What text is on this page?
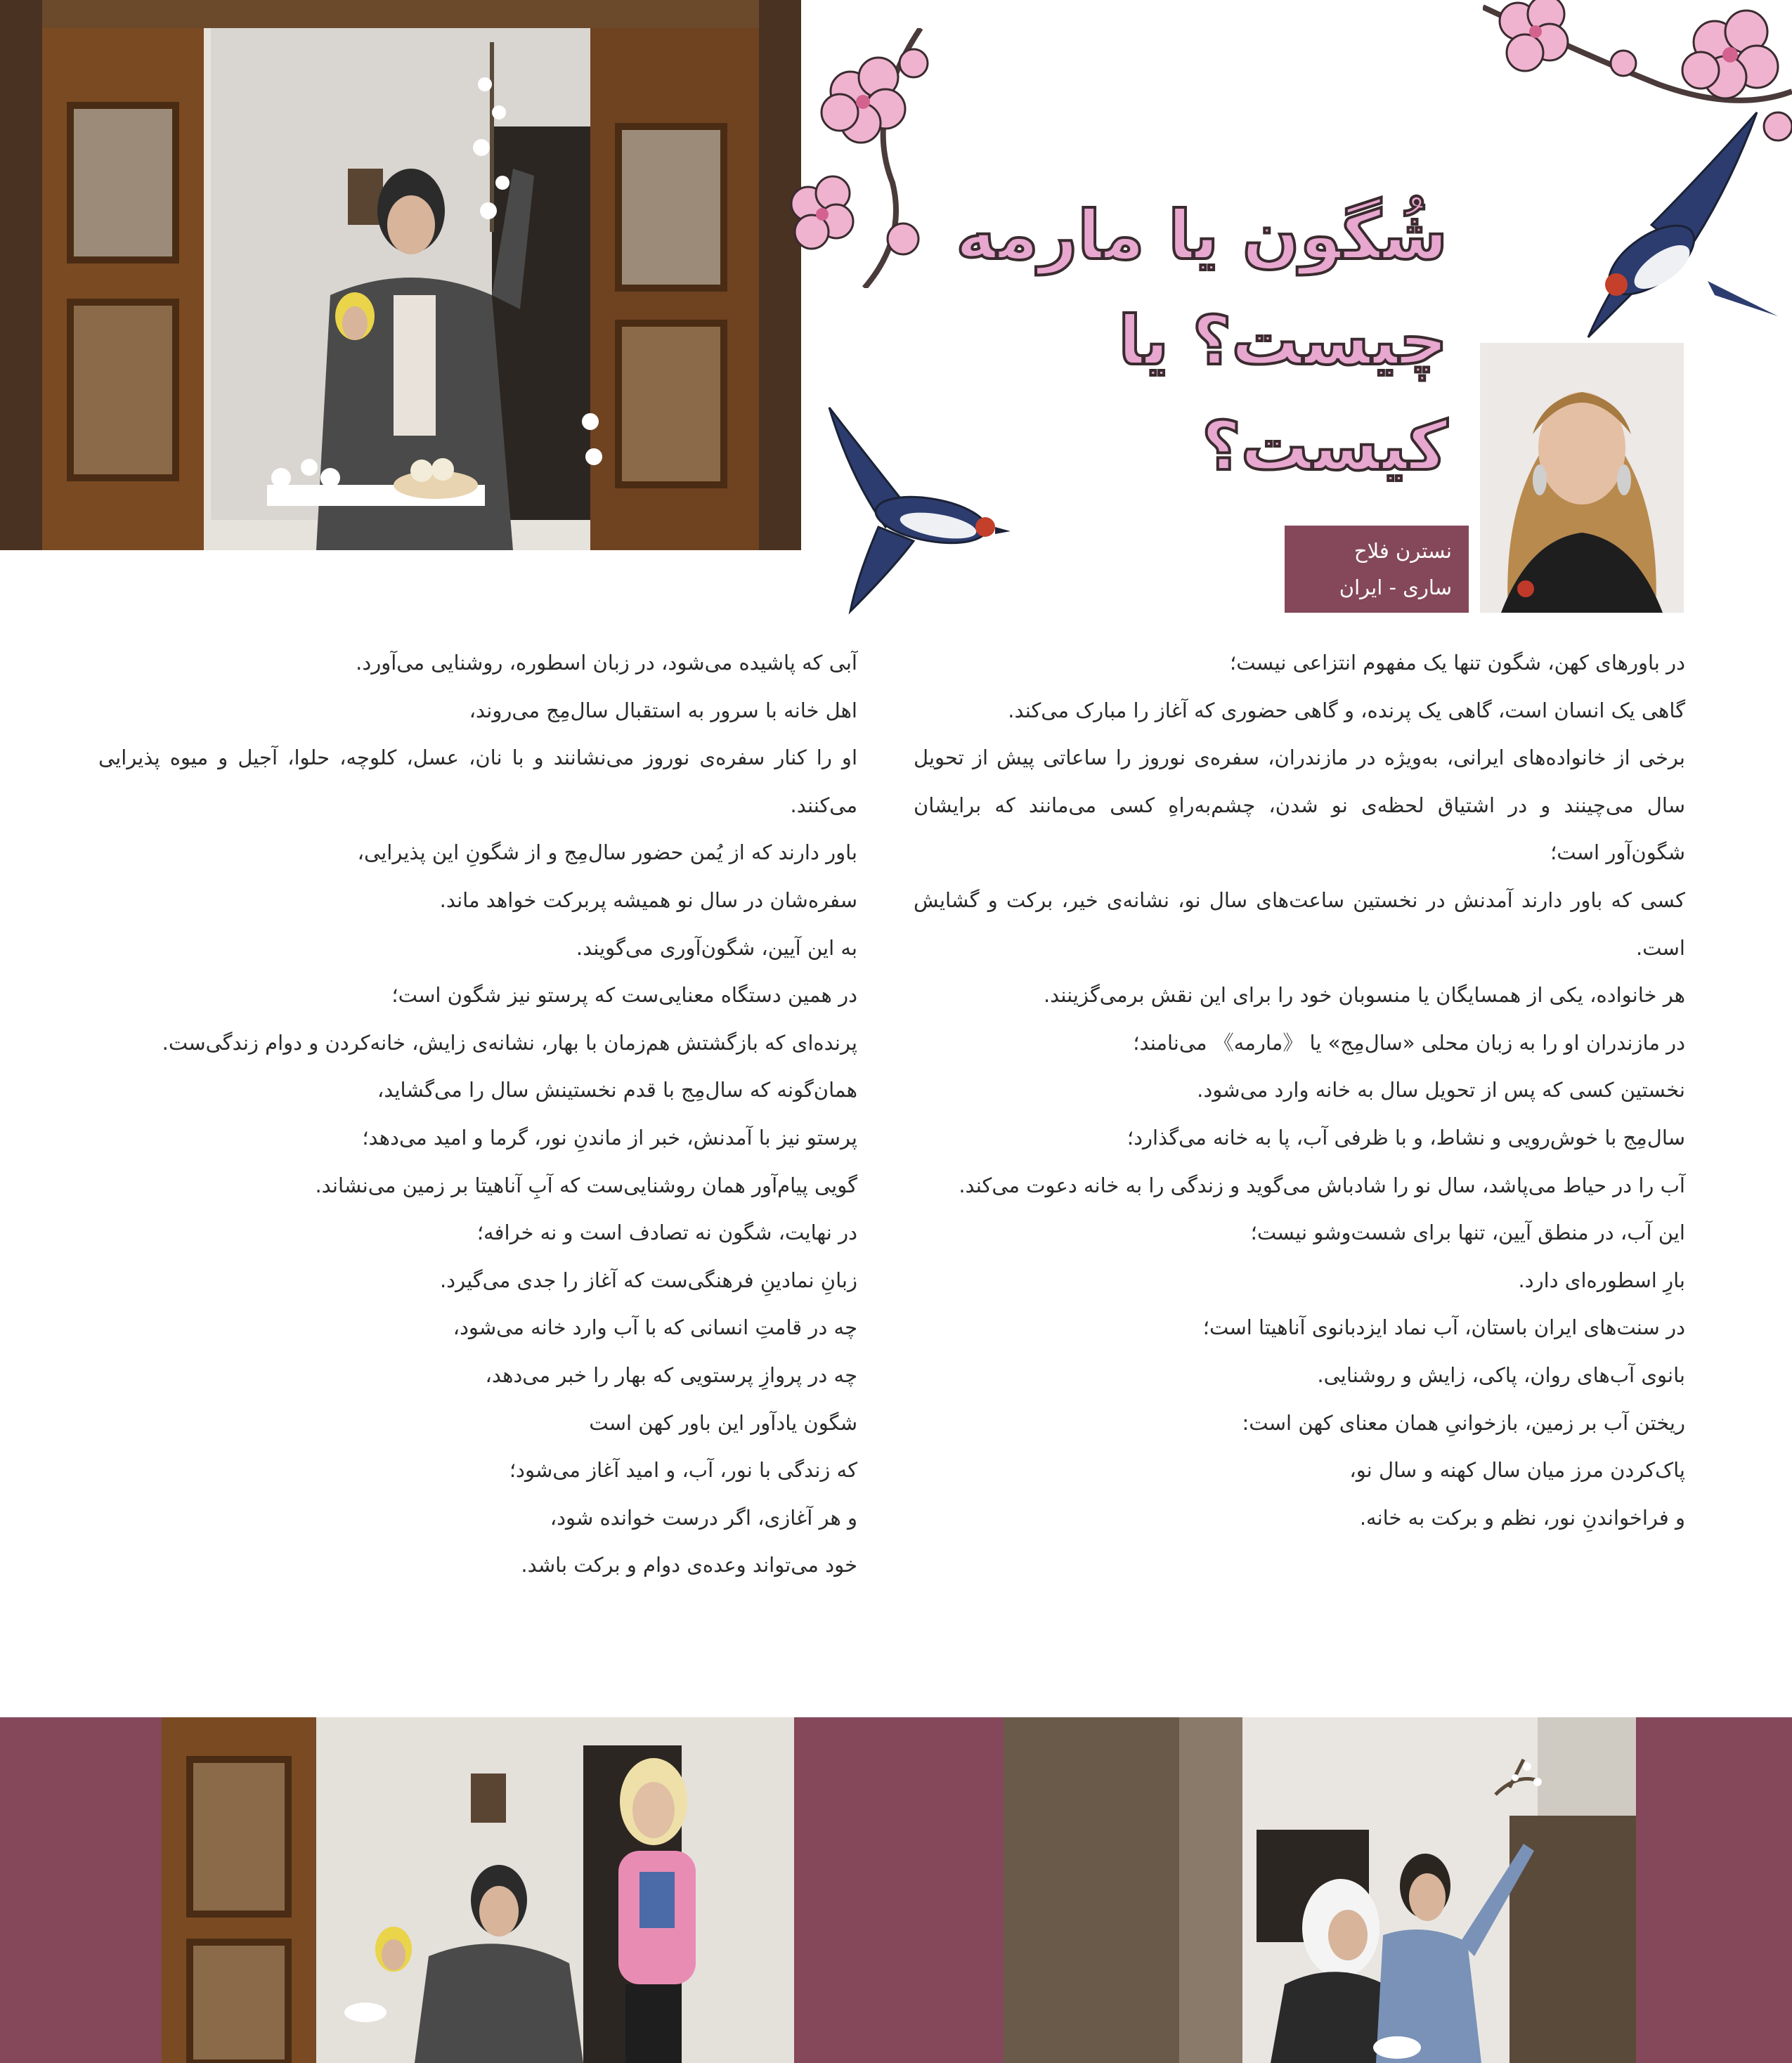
شُگون یا مارمه
چیست؟ یا کیست؟
نسترن فلاح
ساری - ایران

در باورهای کهن، شگون تنها یک مفهوم انتزاعی نیست؛

گاهی یک انسان است، گاهی یک پرنده، و گاهی حضوری که آغاز را مبارک می‌کند.

برخی از خانواده‌های ایرانی، به‌ویژه در مازندران، سفره‌ی نوروز را ساعاتی پیش از تحویل سال می‌چینند و در اشتیاق لحظه‌ی نو شدن، چشم‌به‌راهِ کسی می‌مانند که برایشان شگون‌آور است؛

کسی که باور دارند آمدنش در نخستین ساعت‌های سال نو، نشانه‌ی خیر، برکت و گشایش است.

هر خانواده، یکی از همسایگان یا منسوبان خود را برای این نقش برمی‌گزینند.

در مازندران او را به زبان محلی «سال‌مِج» یا 《مارمه》 می‌نامند؛

نخستین کسی که پس از تحویل سال به خانه وارد می‌شود.

سال‌مِج با خوش‌رویی و نشاط، و با ظرفی آب، پا به خانه می‌گذارد؛

آب را در حیاط می‌پاشد، سال نو را شادباش می‌گوید و زندگی را به خانه دعوت می‌کند.

این آب، در منطق آیین، تنها برای شست‌وشو نیست؛

بارِ اسطوره‌ای دارد.

در سنت‌های ایران باستان، آب نماد ایزدبانوی آناهیتا است؛

بانوی آب‌های روان، پاکی، زایش و روشنایی.

ریختن آب بر زمین، بازخوانیِ همان معنای کهن است:

پاک‌کردن مرز میان سال کهنه و سال نو،

و فراخواندنِ نور، نظم و برکت به خانه.

آبی که پاشیده می‌شود، در زبان اسطوره، روشنایی می‌آورد.

اهل خانه با سرور به استقبال سال‌مِج می‌روند،

او را کنار سفره‌ی نوروز می‌نشانند و با نان، عسل، کلوچه، حلوا، آجیل و میوه پذیرایی می‌کنند.

باور دارند که از یُمن حضور سال‌مِج و از شگونِ این پذیرایی،

سفره‌شان در سال نو همیشه پربرکت خواهد ماند.

به این آیین، شگون‌آوری می‌گویند.

در همین دستگاه معنایی‌ست که پرستو نیز شگون است؛

پرنده‌ای که بازگشتش هم‌زمان با بهار، نشانه‌ی زایش، خانه‌کردن و دوام زندگی‌ست.

همان‌گونه که سال‌مِج با قدم نخستینش سال را می‌گشاید،

پرستو نیز با آمدنش، خبر از ماندنِ نور، گرما و امید می‌دهد؛

گویی پیام‌آور همان روشنایی‌ست که آبِ آناهیتا بر زمین می‌نشاند.

در نهایت، شگون نه تصادف است و نه خرافه؛

زبانِ نمادینِ فرهنگی‌ست که آغاز را جدی می‌گیرد.

چه در قامتِ انسانی که با آب وارد خانه می‌شود،

چه در پروازِ پرستویی که بهار را خبر می‌دهد،

شگون یادآور این باور کهن است

که زندگی با نور، آب، و امید آغاز می‌شود؛

و هر آغازی، اگر درست خوانده شود،

خود می‌تواند وعده‌ی دوام و برکت باشد.
